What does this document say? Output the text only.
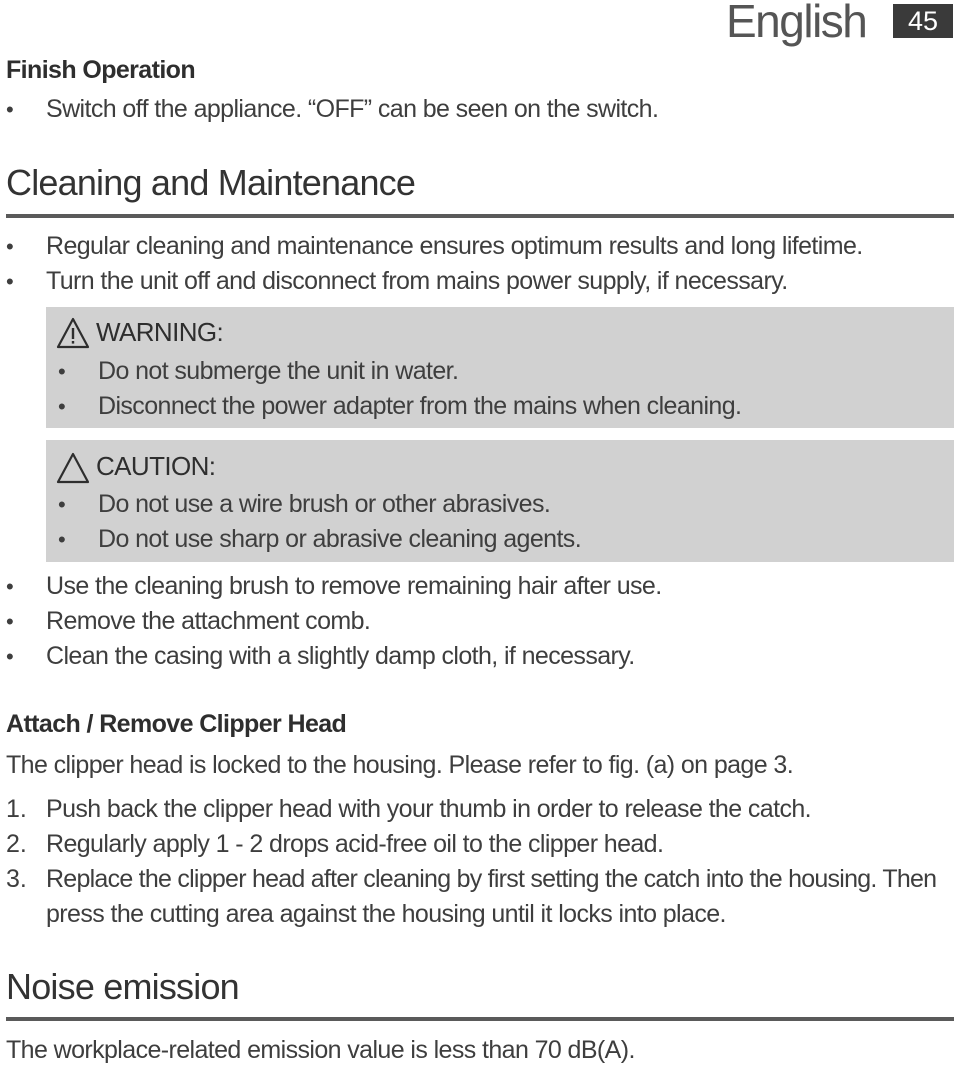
English	45
Finish Operation
• Switch off the appliance. “OFF” can be seen on the switch.
Cleaning and Maintenance
• Regular cleaning and maintenance ensures optimum results and long lifetime.
• Turn the unit off and disconnect from mains power supply, if necessary.
WARNING:
• Do not submerge the unit in water.
• Disconnect the power adapter from the mains when cleaning.
CAUTION:
• Do not use a wire brush or other abrasives.
• Do not use sharp or abrasive cleaning agents.
• Use the cleaning brush to remove remaining hair after use.
• Remove the attachment comb.
• Clean the casing with a slightly damp cloth, if necessary.
Attach / Remove Clipper Head
The clipper head is locked to the housing. Please refer to fig. (a) on page 3.
1. Push back the clipper head with your thumb in order to release the catch.
2. Regularly apply 1 - 2 drops acid-free oil to the clipper head.
3. Replace the clipper head after cleaning by first setting the catch into the housing. Then
press the cutting area against the housing until it locks into place.
Noise emission
The workplace-related emission value is less than 70 dB(A).
